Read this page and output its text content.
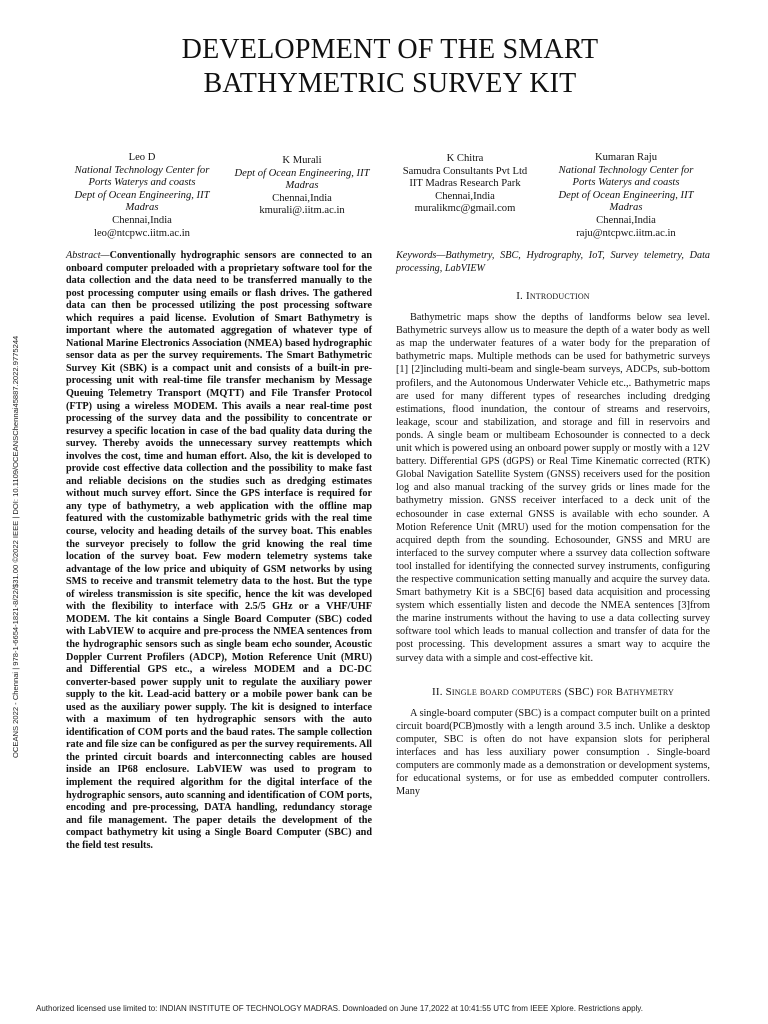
DEVELOPMENT OF THE SMART BATHYMETRIC SURVEY KIT
Leo D
National Technology Center for
Ports Waterys and coasts
Dept of Ocean Engineering, IIT
Madras
Chennai,India
leo@ntcpwc.iitm.ac.in
K Murali
Dept of Ocean Engineering, IIT
Madras
Chennai,India
kmurali@.iitm.ac.in
K Chitra
Samudra Consultants Pvt Ltd
IIT Madras Research Park
Chennai,India
muralikmc@gmail.com
Kumaran Raju
National Technology Center for
Ports Waterys and coasts
Dept of Ocean Engineering, IIT
Madras
Chennai,India
raju@ntcpwc.iitm.ac.in
OCEANS 2022 - Chennai | 978-1-6654-1821-8/22/$31.00 ©2022 IEEE | DOI: 10.1109/OCEANSChennai45887.2022.9775244

Abstract—Conventionally hydrographic sensors are connected to an onboard computer preloaded with a proprietary software tool for the data collection and the data need to be transferred manually to the post processing computer using emails or flash drives. The gathered data can then be processed utilizing the post processing software which requires a paid license. Evolution of Smart Bathymetry is important where the automated aggregation of whatever type of National Marine Electronics Association (NMEA) based hydrographic sensor data as per the survey requirements. The Smart Bathymetric Survey Kit (SBK) is a compact unit and consists of a built-in pre-processing unit with real-time file transfer mechanism by Message Queuing Telemetry Transport (MQTT) and File Transfer Protocol (FTP) using a wireless MODEM. This avails a near real-time post processing of the survey data and the possibility to concentrate or resurvey a specific location in case of the bad quality data during the survey. Thereby avoids the unnecessary survey reattempts which involves the cost, time and human effort. Also, the kit is developed to provide cost effective data collection and the possibility to make fast and reliable decisions on the studies such as dredging estimates without much survey effort. Since the GPS interface is required for any type of bathymetry, a web application with the offline map featured with the customizable bathymetric grids with the real time course, velocity and heading details of the survey boat. This enables the surveyor precisely to follow the grid knowing the real time location of the survey boat. Few modern telemetry systems take advantage of the low price and ubiquity of GSM networks by using SMS to receive and transmit telemetry data to the host. But the type of wireless transmission is site specific, hence the kit was developed with the flexibility to interface with 2.5/5 GHz or a VHF/UHF MODEM. The kit contains a Single Board Computer (SBC) coded with LabVIEW to acquire and pre-process the NMEA sentences from the hydrographic sensors such as single beam echo sounder, Acoustic Doppler Current Profilers (ADCP), Motion Reference Unit (MRU) and Differential GPS etc., a wireless MODEM and a DC-DC converter-based power supply unit to regulate the auxiliary power supply to the kit. Lead-acid battery or a mobile power bank can be used as the auxiliary power supply. The kit is designed to interface with a maximum of ten hydrographic sensors with the auto identification of COM ports and the baud rates. The sample collection rate and file size can be configured as per the survey requirements. All the printed circuit boards and interconnecting cables are housed inside an IP68 enclosure. LabVIEW was used to program to implement the required algorithm for the digital interface of the hydrographic sensors, auto scanning and identification of COM ports, encoding and pre-processing, DATA handling, redundancy storage and file management. The paper details the development of the compact bathymetry kit using a Single Board Computer (SBC) and the field test results.

Keywords—Bathymetry, SBC, Hydrography, IoT, Survey telemetry, Data processing, LabVIEW

I. Introduction

Bathymetric maps show the depths of landforms below sea level. Bathymetric surveys allow us to measure the depth of a water body as well as map the underwater features of a water body for the preparation of bathymetric maps. Multiple methods can be used for bathymetric surveys [1] [2]including multi-beam and single-beam surveys, ADCPs, sub-bottom profilers, and the Autonomous Underwater Vehicle etc.,. Bathymetric maps are used for many different types of researches including dredging estimations, flood inundation, the contour of streams and reservoirs, leakage, scour and stabilization, and storage and fill in reservoirs and ponds. A single beam or multibeam Echosounder is connected to a deck unit which is powered using an onboard power supply or mostly with a 12V battery. Differential GPS (dGPS) or Real Time Kinematic corrected (RTK) Global Navigation Satellite System (GNSS) receivers used for the position log and also manual tracking of the survey grids or lines made for the bathymetry mission. GNSS receiver interfaced to a deck unit of the echosounder in case external GNSS is available with echo sounder. A Motion Reference Unit (MRU) used for the motion compensation for the acquired depth from the sounding. Echosounder, GNSS and MRU are interfaced to the survey computer where a ssurvey data collection software tool installed for identifying the connected survey instruments, configuring the respective communication setting manually and acquire the survey data. Smart bathymetry Kit is a SBC[6] based data acquisition and processing system which essentially listen and decode the NMEA sentences [3]from the marine instruments without the having to use a data collecting survey software tool which leads to manual collection and transfer of data for the post processing. This development assures a smart way to acquire the survey data with a simple and cost-effective kit.

II. Single board computers (SBC) for Bathymetry

A single-board computer (SBC) is a compact computer built on a printed circuit board(PCB)mostly with a length around 3.5 inch. Unlike a desktop computer, SBC is often do not have expansion slots for peripheral interfaces and has less auxiliary power consumption . Single-board computers are commonly made as a demonstration or development systems, for educational systems, or for use as embedded computer controllers. Many

Authorized licensed use limited to: INDIAN INSTITUTE OF TECHNOLOGY MADRAS. Downloaded on June 17,2022 at 10:41:55 UTC from IEEE Xplore. Restrictions apply.
